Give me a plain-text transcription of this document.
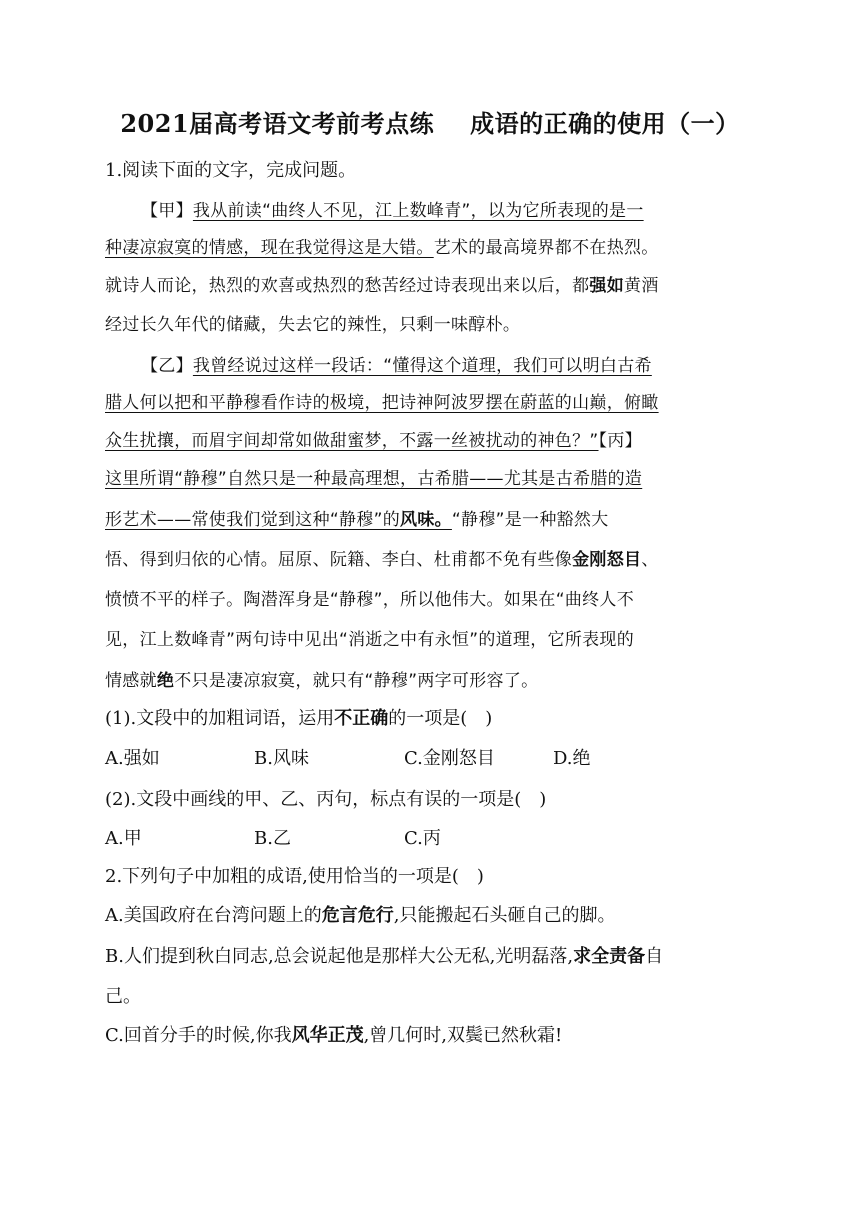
2021届高考语文考前考点练 成语的正确的使用（一）
1.阅读下面的文字，完成问题。
【甲】我从前读“曲终人不见，江上数峰青”，以为它所表现的是一
种凄凉寂寞的情感，现在我觉得这是大错。艺术的最高境界都不在热烈。
就诗人而论，热烈的欢喜或热烈的愁苦经过诗表现出来以后，都强如黄酒
经过长久年代的储藏，失去它的辣性，只剩一味醇朴。
【乙】我曾经说过这样一段话：“懂得这个道理，我们可以明白古希
腊人何以把和平静穆看作诗的极境，把诗神阿波罗摆在蔚蓝的山巅，俯瞰
众生扰攘，而眉宇间却常如做甜蜜梦，不露一丝被扰动的神色？”【丙】
这里所谓“静穆”自然只是一种最高理想，古希腊——尤其是古希腊的造
形艺术——常使我们觉到这种“静穆”的风味。“静穆”是一种豁然大
悟、得到归依的心情。屈原、阮籍、李白、杜甫都不免有些像金刚怒目、
愤愤不平的样子。陶潜浑身是“静穆”，所以他伟大。如果在“曲终人不
见，江上数峰青”两句诗中见出“消逝之中有永恒”的道理，它所表现的
情感就绝不只是凄凉寂寞，就只有“静穆”两字可形容了。
(1).文段中的加粗词语，运用不正确的一项是(　)
A.强如	B.风味	C.金刚怒目	D.绝
(2).文段中画线的甲、乙、丙句，标点有误的一项是(　)
A.甲	B.乙	C.丙
2.下列句子中加粗的成语,使用恰当的一项是(　)
A.美国政府在台湾问题上的危言危行,只能搬起石头砸自己的脚。
B.人们提到秋白同志,总会说起他是那样大公无私,光明磊落,求全责备自
己。
C.回首分手的时候,你我风华正茂,曾几何时,双鬓已然秋霜!
